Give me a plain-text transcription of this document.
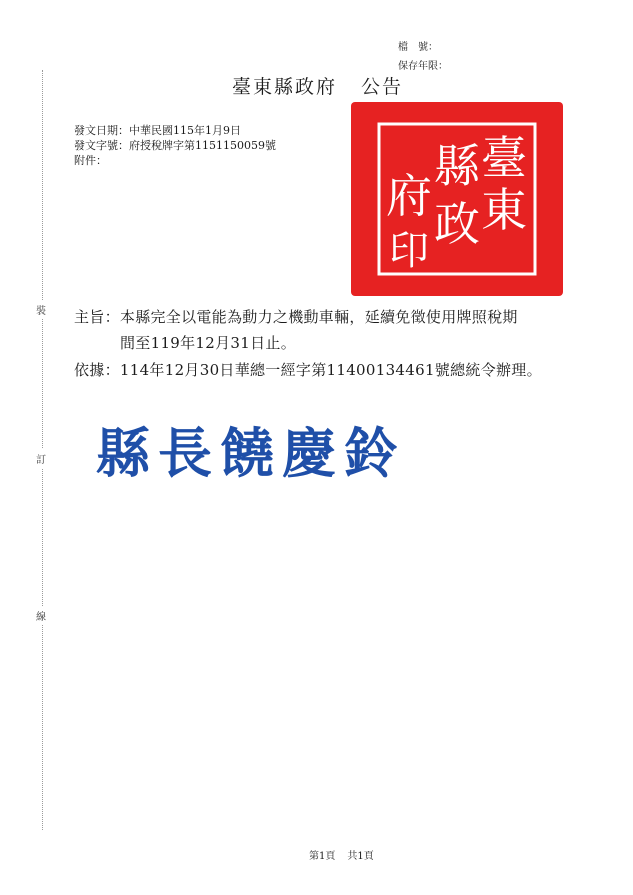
裝
訂
線
檔　號：
保存年限：
臺東縣政府 公告
發文日期：中華民國115年1月9日
發文字號：府授稅牌字第1151150059號
附件：	臺
東
縣
政
府
印
主旨：本縣完全以電能為動力之機動車輛，延續免徵使用牌照稅期
間至119年12月31日止。
依據：114年12月30日華總一經字第11400134461號總統令辦理。
縣 長 饒 慶 鈴
第1頁 共1頁
